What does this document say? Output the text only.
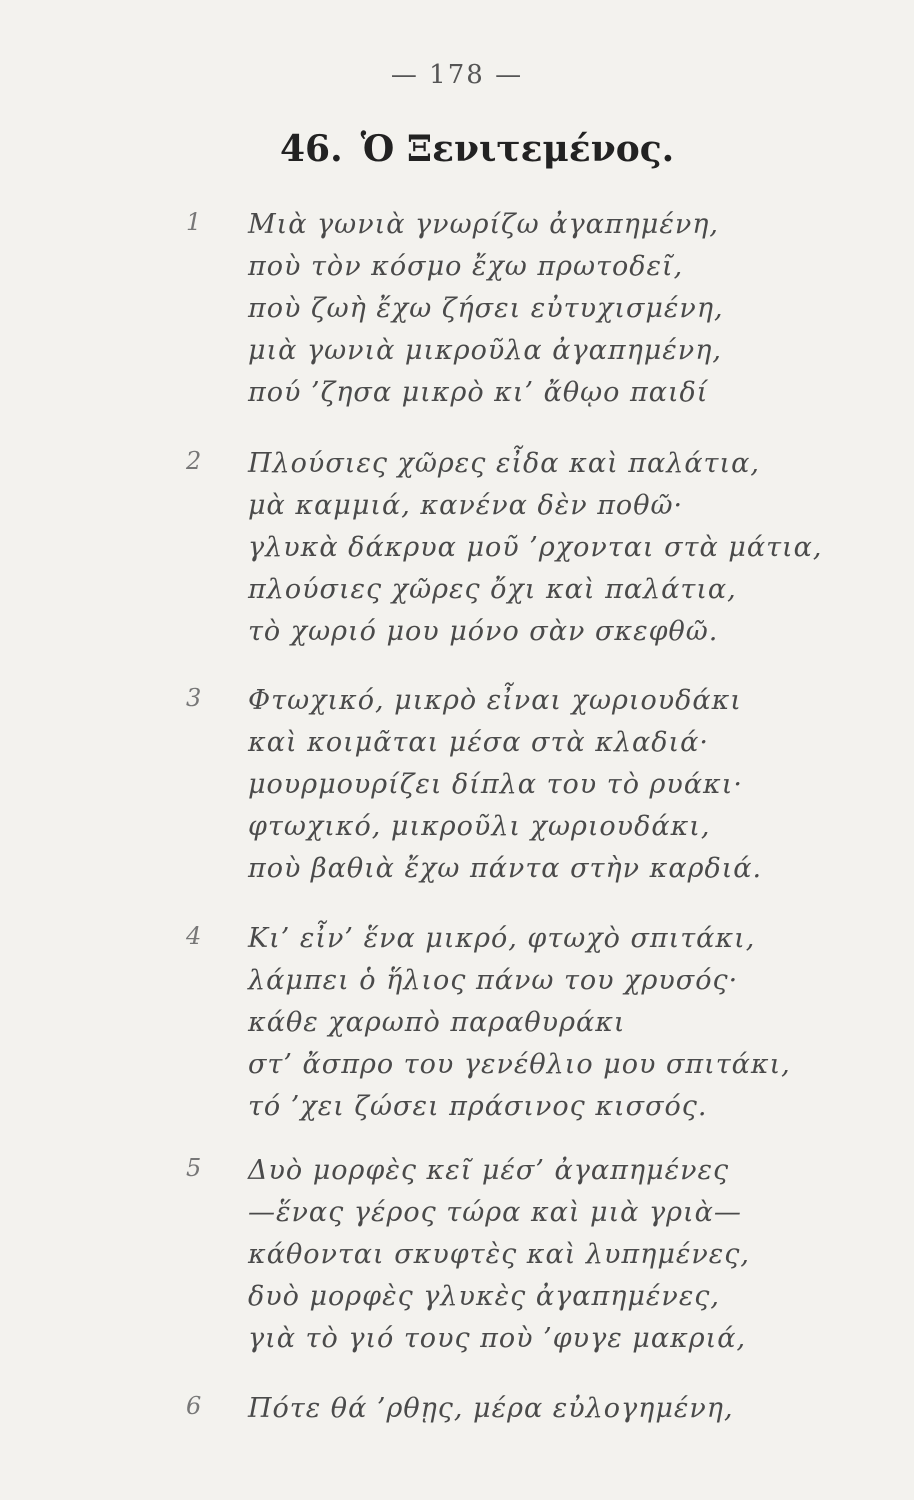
— 178 —
46. Ὁ Ξενιτεμένος.
1 Μιὰ γωνιὰ γνωρίζω ἀγαπημένη,
ποὺ τὸν κόσμο ἔχω πρωτοδεῖ,
ποὺ ζωὴ ἔχω ζήσει εὐτυχισμένη,
μιὰ γωνιὰ μικροῦλα ἀγαπημένη,
πού ’ζησα μικρὸ κι’ ἄθῳο παιδί
2 Πλούσιες χῶρες εἶδα καὶ παλάτια,
μὰ καμμιά, κανένα δὲν ποθῶ·
γλυκὰ δάκρυα μοῦ ’ρχονται στὰ μάτια,
πλούσιες χῶρες ὄχι καὶ παλάτια,
τὸ χωριό μου μόνο σὰν σκεφθῶ.
3 Φτωχικό, μικρὸ εἶναι χωριουδάκι
καὶ κοιμᾶται μέσα στὰ κλαδιά·
μουρμουρίζει δίπλα του τὸ ρυάκι·
φτωχικό, μικροῦλι χωριουδάκι,
ποὺ βαθιὰ ἔχω πάντα στὴν καρδιά.
4 Κι’ εἶν’ ἕνα μικρό, φτωχὸ σπιτάκι,
λάμπει ὁ ἥλιος πάνω του χρυσός·
κάθε χαρωπὸ παραθυράκι
στ’ ἄσπρο του γενέθλιο μου σπιτάκι,
τό ’χει ζώσει πράσινος κισσός.
5 Δυὸ μορφὲς κεῖ μέσ’ ἀγαπημένες
—ἕνας γέρος τώρα καὶ μιὰ γριὰ—
κάθονται σκυφτὲς καὶ λυπημένες,
δυὸ μορφὲς γλυκὲς ἀγαπημένες,
γιὰ τὸ γιό τους ποὺ ’φυγε μακριά,
6 Πότε θά ’ρθῃς, μέρα εὐλογημένη,
